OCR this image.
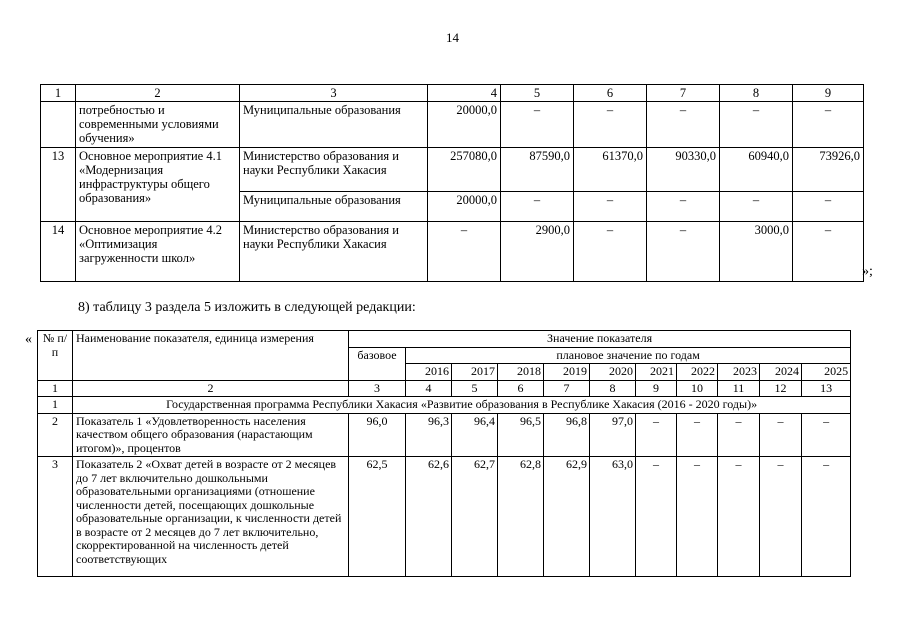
14
1	2	3	4	5	6	7	8	9
	потребностью и современными условиями обучения»	Муниципальные образования	20000,0	–	–	–	–	–
13	Основное мероприятие 4.1 «Модернизация инфраструктуры общего образования»	Министерство образования и науки Республики Хакасия	257080,0	87590,0	61370,0	90330,0	60940,0	73926,0
		Муниципальные образования	20000,0	–	–	–	–	–
14	Основное мероприятие 4.2 «Оптимизация загруженности школ»	Министерство образования и науки Республики Хакасия	–	2900,0	–	–	3000,0	–
»;
8) таблицу 3 раздела 5 изложить в следующей редакции:
« № п/п	Наименование показателя, единица измерения	Значение показателя										
		базовое	плановое значение по годам									
			2016	2017	2018	2019	2020	2021	2022	2023	2024	2025
1	2	3	4	5	6	7	8	9	10	11	12	13
1	Государственная программа Республики Хакасия «Развитие образования в Республике Хакасия (2016 - 2020 годы)»											
2	Показатель 1 «Удовлетворенность населения качеством общего образования (нарастающим итогом)», процентов	96,0	96,3	96,4	96,5	96,8	97,0	–	–	–	–	–
3	Показатель 2 «Охват детей в возрасте от 2 месяцев до 7 лет включительно дошкольными образовательными организациями (отношение численности детей, посещающих дошкольные образовательные организации, к численности детей в возрасте от 2 месяцев до 7 лет включительно, скорректированной на численность детей соответствующих	62,5	62,6	62,7	62,8	62,9	63,0	–	–	–	–	–
